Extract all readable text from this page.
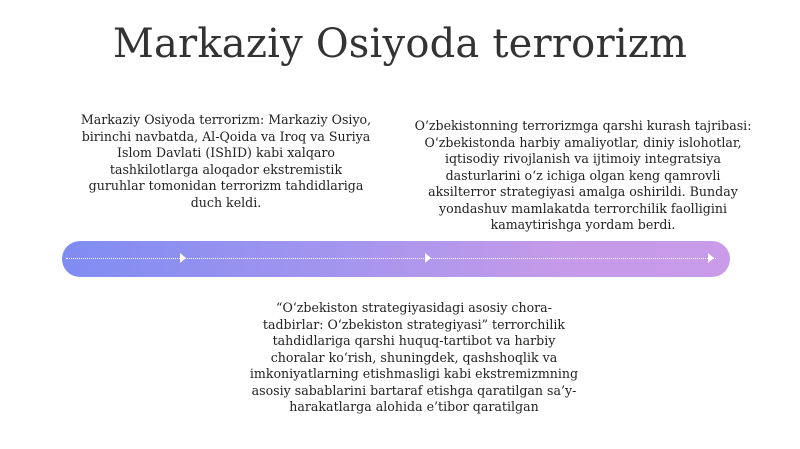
Markaziy Osiyoda terrorizm
Markaziy Osiyoda terrorizm: Markaziy Osiyo, birinchi navbatda, Al-Qoida va Iroq va Suriya Islom Davlati (IShID) kabi xalqaro tashkilotlarga aloqador ekstremistik guruhlar tomonidan terrorizm tahdidlariga duch keldi.
O‘zbekistonning terrorizmga qarshi kurash tajribasi: O‘zbekistonda harbiy amaliyotlar, diniy islohotlar, iqtisodiy rivojlanish va ijtimoiy integratsiya dasturlarini o‘z ichiga olgan keng qamrovli aksilterror strategiyasi amalga oshirildi. Bunday yondashuv mamlakatda terrorchilik faolligini kamaytirishga yordam berdi.
“O‘zbekiston strategiyasidagi asosiy chora-tadbirlar: O‘zbekiston strategiyasi” terrorchilik tahdidlariga qarshi huquq-tartibot va harbiy choralar ko‘rish, shuningdek, qashshoqlik va imkoniyatlarning etishmasligi kabi ekstremizmning asosiy sabablarini bartaraf etishga qaratilgan sa’y-harakatlarga alohida e’tibor qaratilgan
